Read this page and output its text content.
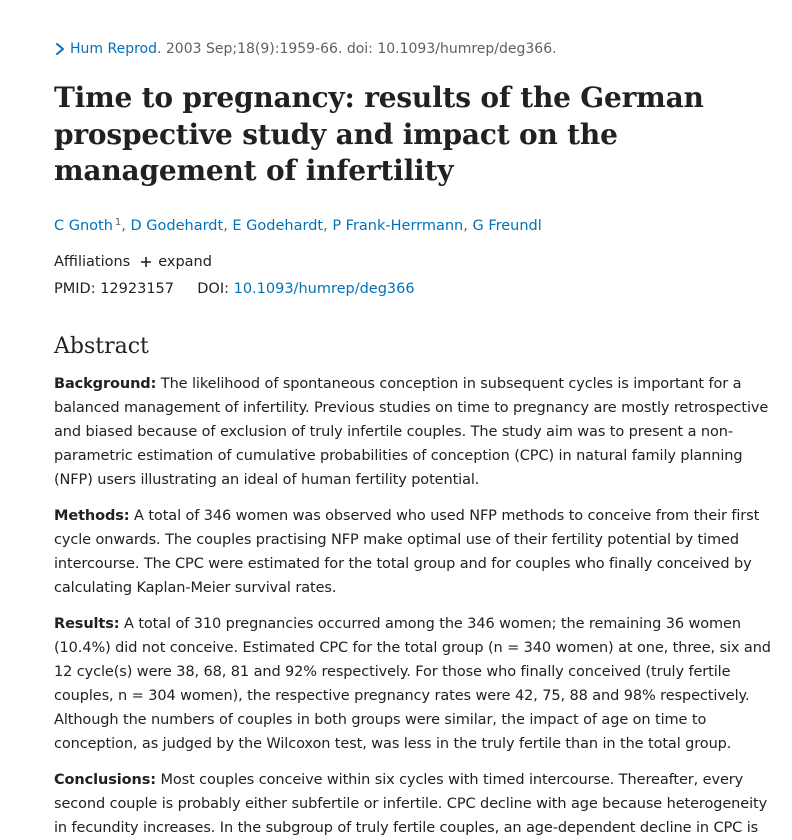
Hum Reprod . 2003 Sep;18(9):1959-66. doi: 10.1093/humrep/deg366.
Time to pregnancy: results of the German prospective study and impact on the management of infertility
C Gnoth $^1$, D Godehardt, E Godehardt, P Frank-Herrmann, G Freundl
Affiliations expand
PMID: 12923157 DOI: 10.1093/humrep/deg366
Abstract

Background: The likelihood of spontaneous conception in subsequent cycles is important for a balanced management of infertility. Previous studies on time to pregnancy are mostly retrospective and biased because of exclusion of truly infertile couples. The study aim was to present a non-parametric estimation of cumulative probabilities of conception (CPC) in natural family planning (NFP) users illustrating an ideal of human fertility potential.

Methods: A total of 346 women was observed who used NFP methods to conceive from their first cycle onwards. The couples practising NFP make optimal use of their fertility potential by timed intercourse. The CPC were estimated for the total group and for couples who finally conceived by calculating Kaplan-Meier survival rates.

Results: A total of 310 pregnancies occurred among the 346 women; the remaining 36 women (10.4%) did not conceive. Estimated CPC for the total group (n = 340 women) at one, three, six and 12 cycle(s) were 38, 68, 81 and 92% respectively. For those who finally conceived (truly fertile couples, n = 304 women), the respective pregnancy rates were 42, 75, 88 and 98% respectively. Although the numbers of couples in both groups were similar, the impact of age on time to conception, as judged by the Wilcoxon test, was less in the truly fertile than in the total group.

Conclusions: Most couples conceive within six cycles with timed intercourse. Thereafter, every second couple is probably either subfertile or infertile. CPC decline with age because heterogeneity in fecundity increases. In the subgroup of truly fertile couples, an age-dependent decline in CPC is
